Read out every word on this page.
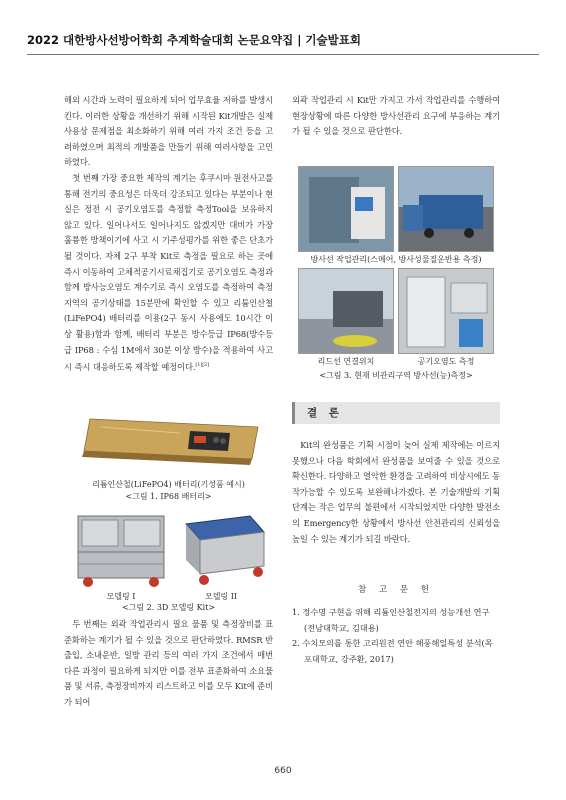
2022 대한방사선방어학회 추계학술대회 논문요약집 | 기술발표회

해외 시간과 노력이 필요하게 되어 업무효율 저하를 발생시킨다. 이러한 상황을 개선하기 위해 시작된 Kit개발은 실제 사용상 문제점을 최소화하기 위해 여러 가지 조건 등을 고려하였으며 최적의 개발품을 만들기 위해 여러사항을 고민하였다.

첫 번째 가장 중요한 제작의 계기는 후쿠시마 원전사고를 통해 전기의 중요성은 더욱더 강조되고 있다는 부분이나 현실은 정전 시 공기오염도를 측정할 측정Tool을 보유하지 않고 있다. 일어나서도 일어나지도 않겠지만 대비가 가장 훌륭한 방책이기에 사고 시 기주성평가를 위한 좋은 단초가 될 것이다. 자체 2구 부착 Kit로 측정을 필요로 하는 곳에 즉시 이동하여 고체적공기시료채집기로 공기오염도 측정과 함께 방사능오염도 계수기로 즉시 오염도를 측정하여 측정지역의 공기상태를 15분만에 확인할 수 있고 리튬인산철(LiFePO4) 배터리를 이용(2구 동시 사용에도 10시간 이상 활용)함과 함께, 배터리 부분은 방수등급 IP68(방수등급 IP68 : 수심 1M에서 30분 이상 방수)을 적용하여 사고 시 즉시 대응하도록 제작할 예정이다.[1][2]

리튬인산철(LiFePO4) 배터리(기성품 예시)
<그림 1. IP68 배터리>
모델링 I	모델링 II
<그림 2. 3D 모델링 Kit>

두 번째는 외곽 작업관리시 필요 물품 및 측정장비를 표준화하는 계기가 될 수 있을 것으로 판단하였다. RMSR 반출입, 소내운반, 일방 관리 등의 여러 가지 조건에서 매번 다른 과정이 필요하게 되지만 이를 전부 표준화하여 소요물품 및 서류, 측정장비까지 리스트하고 이를 모두 Kit에 준비가 되어

외곽 작업관리 시 Kit만 가지고 가서 작업관리를 수행하여 현장상황에 따른 다양한 방사선관리 요구에 부응하는 계기가 될 수 있을 것으로 판단한다.

방사선 작업관리(스메어, 방사성물질운반용 측정)
리드선 연결위치	공기오염도 측정
<그림 3. 현재 비관리구역 방사선(능)측정>
결 론

Kit의 완성품은 기획 시점이 늦어 실제 제작에는 이르지 못했으나 다음 학회에서 완성품을 보여줄 수 있을 것으로 확신한다. 다양하고 열악한 환경을 고려하여 비상시에도 동작가능할 수 있도록 보완해나가겠다. 본 기술개발의 기획 단계는 작은 업무의 불편에서 시작되었지만 다양한 발전소의 Emergency한 상황에서 방사선 안전관리의 신뢰성을 높일 수 있는 계기가 되길 바란다.

참 고 문 헌
1. 정수명 구현을 위해 리튬인산철전지의 성능개선 연구(전남대학교, 김대용)
2. 수치모의를 통한 고리원전 연안 해풍해일특성 분석(목포대학교, 강주환, 2017)
660
